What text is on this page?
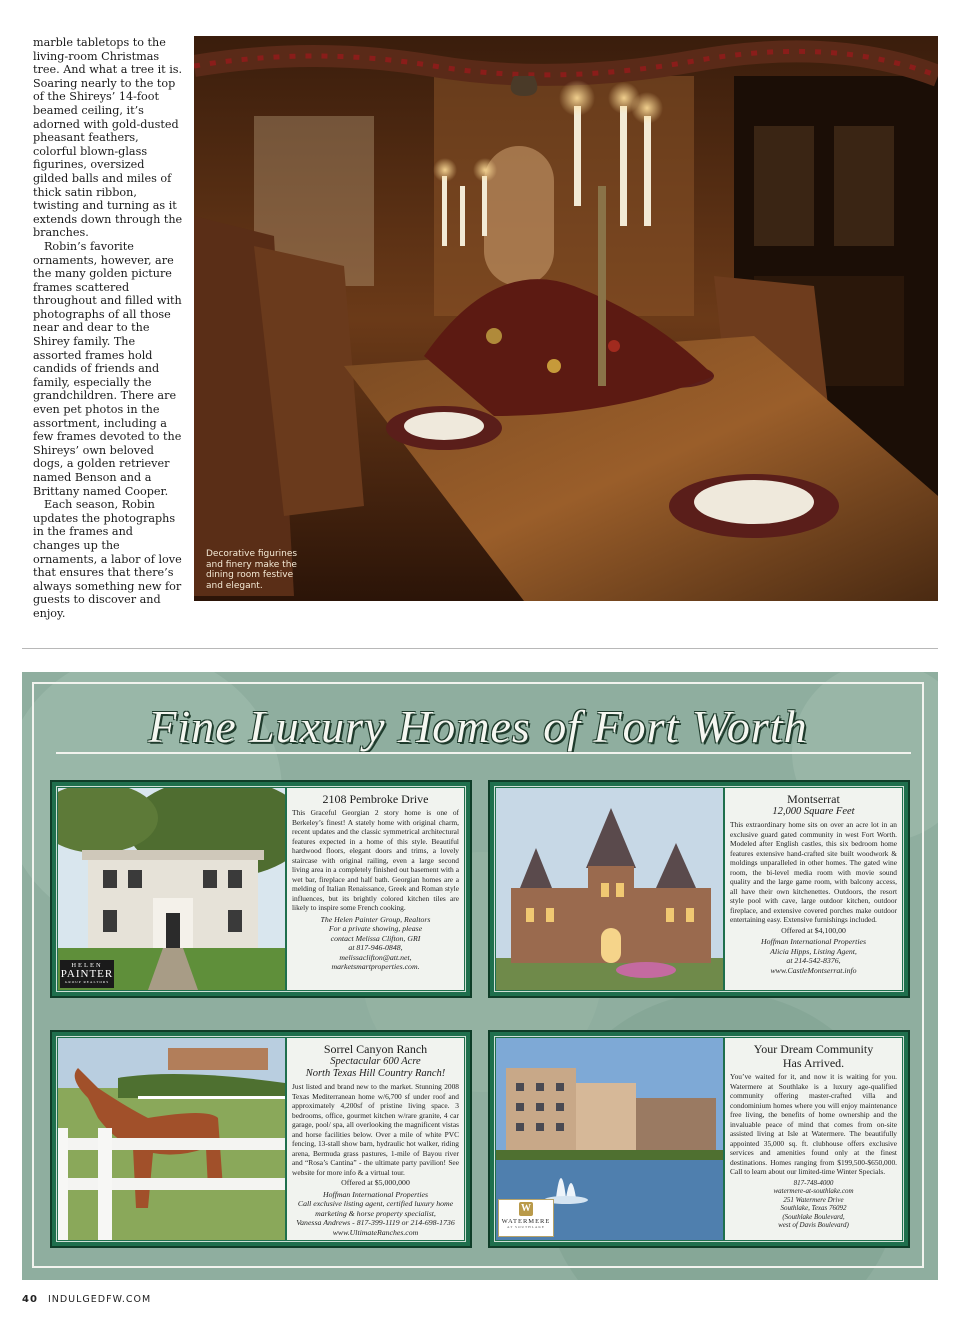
marble tabletops to the living-room Christmas tree. And what a tree it is. Soaring nearly to the top of the Shireys’ 14-foot beamed ceiling, it’s adorned with gold-dusted pheasant feathers, colorful blown-glass figurines, oversized gilded balls and miles of thick satin ribbon, twisting and turning as it extends down through the branches.

Robin’s favorite ornaments, however, are the many golden picture frames scattered throughout and filled with photographs of all those near and dear to the Shirey family. The assorted frames hold candids of friends and family, especially the grandchildren. There are even pet photos in the assortment, including a few frames devoted to the Shireys’ own beloved dogs, a golden retriever named Benson and a Brittany named Cooper.

Each season, Robin updates the photographs in the frames and changes up the ornaments, a labor of love that ensures that there’s always something new for guests to discover and enjoy.

Decorative figurines and finery make the dining room festive and elegant.
Fine Luxury Homes of Fort Worth
HELEN
PAINTER
GROUP REALTORS
2108 Pembroke Drive
This Graceful Georgian 2 story home is one of Berkeley’s finest! A stately home with original charm, recent updates and the classic symmetrical architectural features expected in a home of this style. Beautiful hardwood floors, elegant doors and trims, a lovely staircase with original railing, even a large second living area in a completely finished out basement with a wet bar, fireplace and half bath. Georgian homes are a melding of Italian Renaissance, Greek and Roman style influences, but its brightly colored kitchen tiles are likely to inspire some French cooking.
The Helen Painter Group, Realtors
For a private showing, please
contact Melissa Clifton, GRI
at 817-946-0848,
melissaclifton@att.net,
marketsmartproperties.com.
Montserrat
12,000 Square Feet
This extraordinary home sits on over an acre lot in an exclusive guard gated community in west Fort Worth. Modeled after English castles, this six bedroom home features extensive hand-crafted site built woodwork & moldings unparalleled in other homes. The gated wine room, the bi-level media room with movie sound quality and the large game room, with balcony access, all have their own kitchenettes. Outdoors, the resort style pool with cave, large outdoor kitchen, outdoor fireplace, and extensive covered porches make outdoor entertaining easy. Extensive furnishings included.
Offered at $4,100,00
Hoffman International Properties
Alicia Hipps, Listing Agent,
at 214-542-8376,
www.CastleMontserrat.info
Sorrel Canyon Ranch
Spectacular 600 Acre
North Texas Hill Country Ranch!
Just listed and brand new to the market. Stunning 2008 Texas Mediterranean home w/6,700 sf under roof and approximately 4,200sf of pristine living space. 3 bedrooms, office, gourmet kitchen w/rare granite, 4 car garage, pool/ spa, all overlooking the magnificent vistas and horse facilities below. Over a mile of white PVC fencing, 13-stall show barn, hydraulic hot walker, riding arena, Bermuda grass pastures, 1-mile of Bayou river and “Rosa’s Cantina” - the ultimate party pavilion! See website for more info & a virtual tour.
Offered at $5,000,000
Hoffman International Properties
Call exclusive listing agent, certified luxury home
marketing & horse property specialist,
Vanessa Andrews - 817-399-1119 or 214-698-1736
www.UltimateRanches.com
W
WATERMERE
AT SOUTHLAKE
Your Dream Community
Has Arrived.
You’ve waited for it, and now it is waiting for you. Watermere at Southlake is a luxury age-qualified community offering master-crafted villa and condominium homes where you will enjoy maintenance free living, the benefits of home ownership and the invaluable peace of mind that comes from on-site assisted living at Isle at Watermere. The beautifully appointed 35,000 sq. ft. clubhouse offers exclusive services and amenities found only at the finest destinations. Homes ranging from $199,500-$650,000. Call to learn about our limited-time Winter Specials.
817-748-4000
watermere-at-southlake.com
251 Watermere Drive
Southlake, Texas 76092
(Southlake Boulevard,
west of Davis Boulevard)
40 INDULGEDFW.COM
